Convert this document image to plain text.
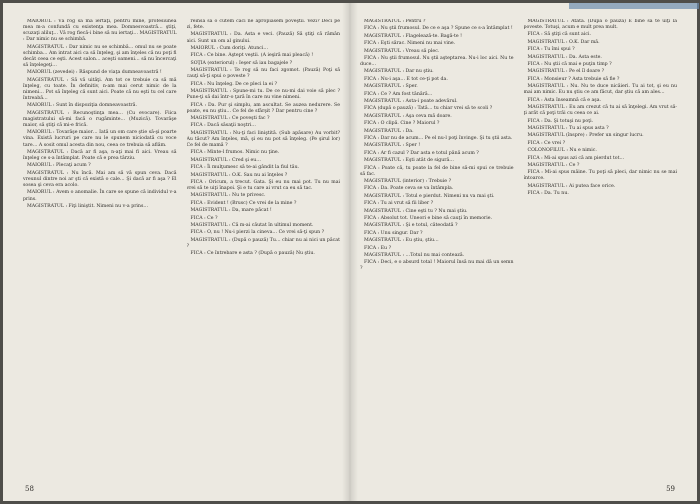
MAIORUL : Vă rog să mă iertaţi, pentru mine, profesiunea mea m-a confundă cu existenţa mea. Domnesvoastră… ştiţi, scuzaţi aliluţ… Vă rog fiecă-i bine să nu iertaţi… MAGISTRATUL : Dar nimic nu se schimbă.

MAGISTRATUL : Dar nimic nu se schimbă… omul nu se poate schimba… Am intrat aici ca să înţeleg, şi am înţeles că nu poţi fi decât ceea ce eşti. Acest salon… aceşti oameni… să nu încercaţi să înţelegeţi…

MAIORUL (zevedei) : Răspund de viaţa dumneavoastră !

MAGISTRATUL : Să vă uităţi. Am tot ce trebuie ca să mă înţeleg, cu toate. În definitiv, n-am mai cerut nimic de la nimeni… Pot să înţeleg că sunt aici. Poate că nu eşti tu cel care întreabă…

MAIORUL : Sunt în dispoziţia domneavoastră.

MAGISTRATUL : Recunoştinţa mea… (Cu evocare). Fiica magistratului să-mi facă o rugăminte… (Muzică). Tovarăşe maior, să ştiţi că mi-e frică.

MAIORUL : Tovarăşe maior… Iată un om care ştie să-şi poarte vina. Există lucruri pe care nu le spunem niciodată cu voce tare… A sosit omul acesta din nou, ceea ce trebuia să aflăm.

MAGISTRATUL : Dacă ar fi aşa, n-aţi mai fi aici. Vreau să înţeleg ce s-a întâmplat. Poate că e prea târziu.

MAIORUL : Plecaţi acum ?

MAGISTRATUL : Nu încă. Mai am să vă spun ceva. Dacă vreunul dintre noi ar şti că există o cale… Şi dacă ar fi aşa ? El sosea şi ceva era acolo.

MAIORUL : Avem o anomalie. În care se spune că individul v-a prins.

MAGISTRATUL : Fiţi liniştit. Nimeni nu v-a prins…

reînsa să o cutem căci ne apropiasem poveştii. Vezi? Deci pe zi, fete.

MAGISTRATUL : Da. Asta e veci. (Pauză) Să ştiţi că rămân aici. Sunt un om al ginului.

MAIORUL : Cum doriţi. Atunci…

FICA : Ce bine. Aştept veştii. (A ieşiră mai pleacă) !

SOŢIA (exteriorul) : Ieşer să iau bagajele ?

MAGISTRATUL : Te rog să nu faci zgomot. (Pauză) Poţi să cauţi să-ţi spui o poveste ?

FICA : Nu înţeleg. De ce pleci la ei ?

MAGISTRATUL : Spune-mi tu. De ce nu-mi dai voie să plec ? Pune-ţi să dai într-o ţară în care nu vine nimeni.

FICA : Da. Pur şi simplu, am ascultat. Se auzea nedurere. Se poate, eu nu ştiu… Ce fel de sfârşit ? Dar pentru cine ?

MAGISTRATUL : Ce poveşti fac ?

FICA : Dacă săsaţii noştri…

MAGISTRATUL : Nu-ţi faci liniştită. (Sub apăsare) Au vorbit? Au tăcut? Am înţeles, mă, şi eu nu pot să înţeleg. (Pe şirul lor) Ce fel de mamă ?

FICA : Minte-l frumos. Nimic nu ţine.

MAGISTRATUL : Cred şi eu…

FICA : Îi mulţumesc să te-ai gândit la fiul tău.

MAGISTRATUL : O.K. Sau nu ai înţeles ?

FICA : Oricum, a trecut. Gata. Şi eu nu mai pot. Tu nu mai vrei să te uiţi înapoi. Şi e tu care ai vrut ca eu să tac.

MAGISTRATUL : Nu te privesc.

FICA : Evident ! (Brusc) Ce vrei de la mine ?

MAGISTRATUL : Da, mare păcat !

FICA : Ce ?

MAGISTRATUL : Că m-ai căutat în ultimul moment.

FICA : O, nu ! Nu-i pierzi la cineva… Ce vrei să-ţi spun ?

MAGISTRATUL : (După o pauză) Tu… chiar nu ai nici un păcat ?

FICA : Ce întrebare e asta ? (După o pauză) Nu ştiu.

58

MAGISTRATUL : Pentru ?

FICA : Nu ştii frumosul. De ce e aşa ? Spune ce s-a întâmplat !

MAGISTRATUL : Flagelează-te. Bagă-te !

FICA : Eşti sărac. Nimeni nu mai vine.

MAGISTRATUL : Vreau să plec.

FICA : Nu ştii frumosul. Nu ştii aşteptarea. Nu-i loc aici. Nu te duce…

MAGISTRATUL : Dar nu ştiu.

FICA : Nu-i aşa… E tot ce-ţi pot da.

MAGISTRATUL : Sper.

FICA : Ce ? Am fost tânără…

MAGISTRATUL : Asta-i poate adevărul.

FICA (după o pauză) : Tată… tu chiar vrei să te scoli ?

MAGISTRATUL : Aşa ceva mă doare.

FICA : O clipă. Cine ? Maiorul ?

MAGISTRATUL : Da.

FICA : Dar nu de acum… Pe el nu-l poţi învinge. Şi tu ştii asta.

MAGISTRATUL : Sper !

FICA : Ar fi cazul ? Dar asta e totul până acum ?

MAGISTRATUL : Eşti atât de sigură…

FICA : Poate că, tu poate la fel de bine să-mi spui ce trebuie să fac.

MAGISTRATUL (interior) : Trebuie ?

FICA : Da. Poate ceva se va întâmpla.

MAGISTRATUL : Totul e pierdut. Nimeni nu va mai şti.

FICA : Tu ai vrut să fii liber ?

MAGISTRATUL : Cine eşti tu ? Nu mai ştiu.

FICA : Absolut tot. Uneori e bine să cauţi în memorie.

MAGISTRATUL : Şi e totul, câteodată ?

FICA : Unu singur. Dar ?

MAGISTRATUL : Eu ştiu, ştiu…

FICA : Eu ?

MAGISTRATUL : …Totul nu mai contează.

FICA : Deci, e o absurd total ! Maiorul însă nu mai dă un semn ?

MAGISTRATUL : Atâta. (După o pauză) E bine să te uiţi la poveste. Totuşi, acum e mult prea mult.

FICA : Să ştiţi că sunt aici.

MAGISTRATUL : O.K. Dar mă.

FICA : Tu îmi spui ?

MAGISTRATUL : Da. Asta este.

FICA : Nu ştii că mai e puţin timp ?

MAGISTRATUL : Pe el îl doare ?

FICA : Monsieur ? Asta trebuie să fie ?

MAGISTRATUL : Nu. Nu te duce nicăieri. Tu ai tot, şi eu nu mai am nimic. Eu nu ştiu ce am făcut, dar ştiu că am ales…

FICA : Asta înseamnă că e aşa.

MAGISTRATUL : Eu am crezut că tu ai să înţelegi. Am vrut să-ţi arăt că poţi trăi cu ceea ce ai.

FICA : Da. Şi totuşi nu poţi.

MAGISTRATUL : Tu ai spus asta ?

MAGISTRATUL (înspre) : Prefer un singur lucru.

FICA : Ce vrei ?

COLONOFILUL : Nu e nimic.

FICA : Mi-ai spus azi că am pierdut tot…

MAGISTRATUL : Ce ?

FICA : Mi-ai spus mâine. Tu poţi să pleci, dar nimic nu se mai întoarce.

MAGISTRATUL : Ai putea face orice.

FICA : Da. Tu nu.

59
